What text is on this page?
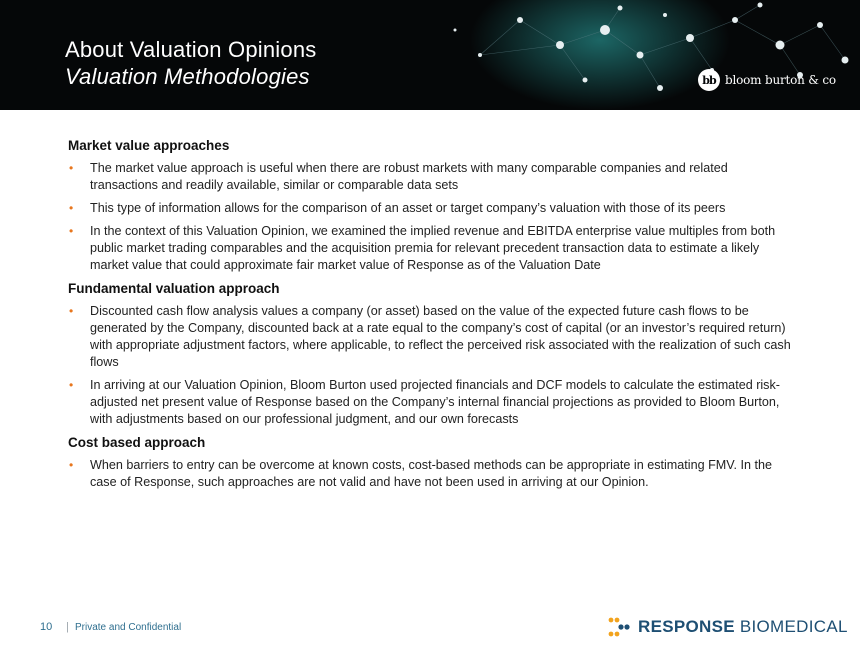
About Valuation Opinions
Valuation Methodologies	bb bloom burton & co
Market value approaches
• The market value approach is useful when there are robust markets with many comparable companies and related transactions and readily available, similar or comparable data sets
• This type of information allows for the comparison of an asset or target company’s valuation with those of its peers
• In the context of this Valuation Opinion, we examined the implied revenue and EBITDA enterprise value multiples from both public market trading comparables and the acquisition premia for relevant precedent transaction data to estimate a likely market value that could approximate fair market value of Response as of the Valuation Date
Fundamental valuation approach
• Discounted cash flow analysis values a company (or asset) based on the value of the expected future cash flows to be generated by the Company, discounted back at a rate equal to the company’s cost of capital (or an investor’s required return) with appropriate adjustment factors, where applicable, to reflect the perceived risk associated with the realization of such cash flows
• In arriving at our Valuation Opinion, Bloom Burton used projected financials and DCF models to calculate the estimated risk-adjusted net present value of Response based on the Company’s internal financial projections as provided to Bloom Burton, with adjustments based on our professional judgment, and our own forecasts
Cost based approach
• When barriers to entry can be overcome at known costs, cost-based methods can be appropriate in estimating FMV. In the case of Response, such approaches are not valid and have not been used in arriving at our Opinion.
10 | Private and Confidential	RESPONSE BIOMEDICAL
